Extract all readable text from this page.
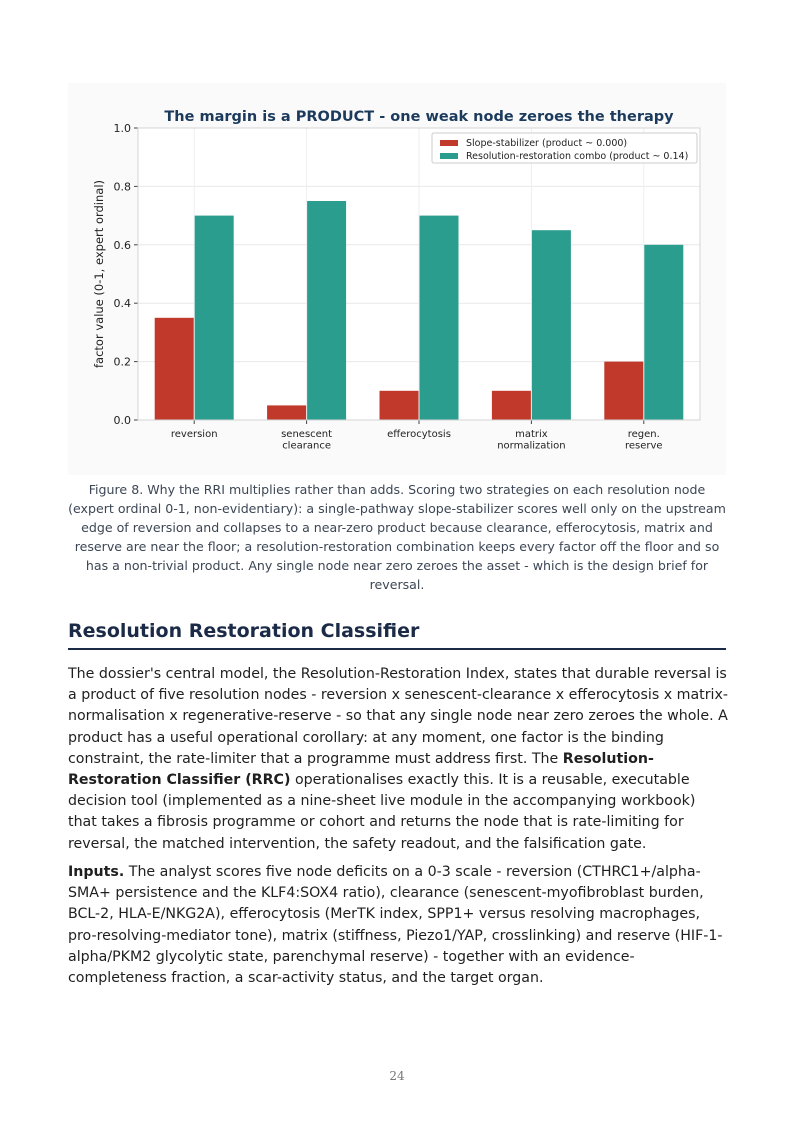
The margin is a PRODUCT - one weak node zeroes the therapy
factor value (0-1, expert ordinal)
0.0
0.2
0.4
0.6
0.8
1.0
reversion	senescent
clearance
efferocytosis	matrix
normalization
regen.
reserve
Slope-stabilizer (product ~ 0.000)
Resolution-restoration combo (product ~ 0.14)

Figure 8. Why the RRI multiplies rather than adds. Scoring two strategies on each resolution node (expert ordinal 0-1, non-evidentiary): a single-pathway slope-stabilizer scores well only on the upstream edge of reversion and collapses to a near-zero product because clearance, efferocytosis, matrix and reserve are near the floor; a resolution-restoration combination keeps every factor off the floor and so has a non-trivial product. Any single node near zero zeroes the asset - which is the design brief for reversal.

Resolution Restoration Classifier

The dossier's central model, the Resolution-Restoration Index, states that durable reversal is a product of five resolution nodes - reversion x senescent-clearance x efferocytosis x matrix-normalisation x regenerative-reserve - so that any single node near zero zeroes the whole. A product has a useful operational corollary: at any moment, one factor is the binding constraint, the rate-limiter that a programme must address first. The Resolution-Restoration Classifier (RRC) operationalises exactly this. It is a reusable, executable decision tool (implemented as a nine-sheet live module in the accompanying workbook) that takes a fibrosis programme or cohort and returns the node that is rate-limiting for reversal, the matched intervention, the safety readout, and the falsification gate.

Inputs. The analyst scores five node deficits on a 0-3 scale - reversion (CTHRC1+/alpha-SMA+ persistence and the KLF4:SOX4 ratio), clearance (senescent-myofibroblast burden, BCL-2, HLA-E/NKG2A), efferocytosis (MerTK index, SPP1+ versus resolving macrophages, pro-resolving-mediator tone), matrix (stiffness, Piezo1/YAP, crosslinking) and reserve (HIF-1-alpha/PKM2 glycolytic state, parenchymal reserve) - together with an evidence-completeness fraction, a scar-activity status, and the target organ.

24
